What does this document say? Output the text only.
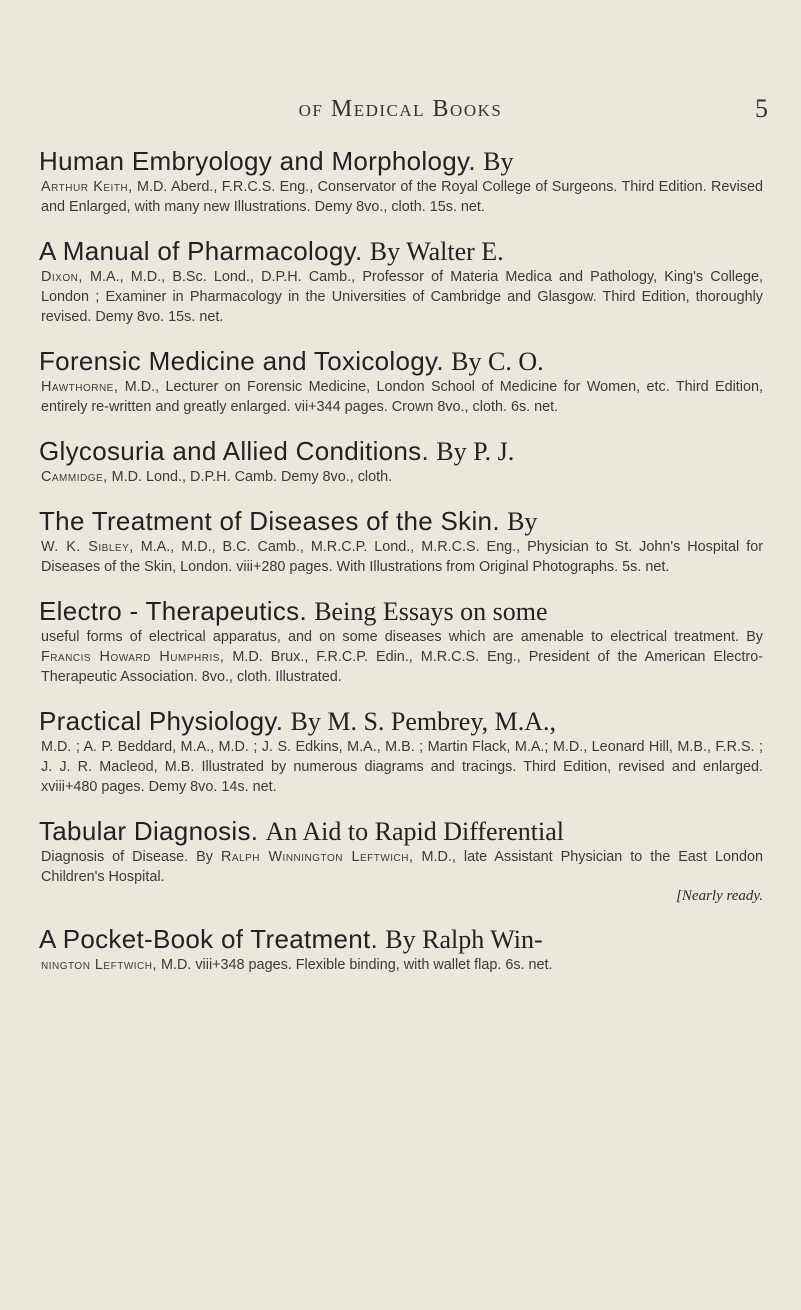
of Medical Books	5
Human Embryology and Morphology. By
Arthur Keith, M.D. Aberd., F.R.C.S. Eng., Conservator of the Royal College of Surgeons. Third Edition. Revised and Enlarged, with many new Illustrations. Demy 8vo., cloth. 15s. net.
A Manual of Pharmacology. By Walter E.
Dixon, M.A., M.D., B.Sc. Lond., D.P.H. Camb., Professor of Materia Medica and Pathology, King's College, London ; Examiner in Pharmacology in the Universities of Cambridge and Glasgow. Third Edition, thoroughly revised. Demy 8vo. 15s. net.
Forensic Medicine and Toxicology. By C. O.
Hawthorne, M.D., Lecturer on Forensic Medicine, London School of Medicine for Women, etc. Third Edition, entirely re-written and greatly enlarged. vii+344 pages. Crown 8vo., cloth. 6s. net.
Glycosuria and Allied Conditions. By P. J.
Cammidge, M.D. Lond., D.P.H. Camb. Demy 8vo., cloth.
The Treatment of Diseases of the Skin. By
W. K. Sibley, M.A., M.D., B.C. Camb., M.R.C.P. Lond., M.R.C.S. Eng., Physician to St. John's Hospital for Diseases of the Skin, London. viii+280 pages. With Illustrations from Original Photographs. 5s. net.
Electro - Therapeutics. Being Essays on some
useful forms of electrical apparatus, and on some diseases which are amenable to electrical treatment. By Francis Howard Humphris, M.D. Brux., F.R.C.P. Edin., M.R.C.S. Eng., President of the American Electro-Therapeutic Association. 8vo., cloth. Illustrated.
Practical Physiology. By M. S. Pembrey, M.A.,
M.D. ; A. P. Beddard, M.A., M.D. ; J. S. Edkins, M.A., M.B. ; Martin Flack, M.A.; M.D., Leonard Hill, M.B., F.R.S. ; J. J. R. Macleod, M.B. Illustrated by numerous diagrams and tracings. Third Edition, revised and enlarged. xviii+480 pages. Demy 8vo. 14s. net.
Tabular Diagnosis. An Aid to Rapid Differential
Diagnosis of Disease. By Ralph Winnington Leftwich, M.D., late Assistant Physician to the East London Children's Hospital.
[Nearly ready.
A Pocket-Book of Treatment. By Ralph Win-
nington Leftwich, M.D. viii+348 pages. Flexible binding, with wallet flap. 6s. net.
